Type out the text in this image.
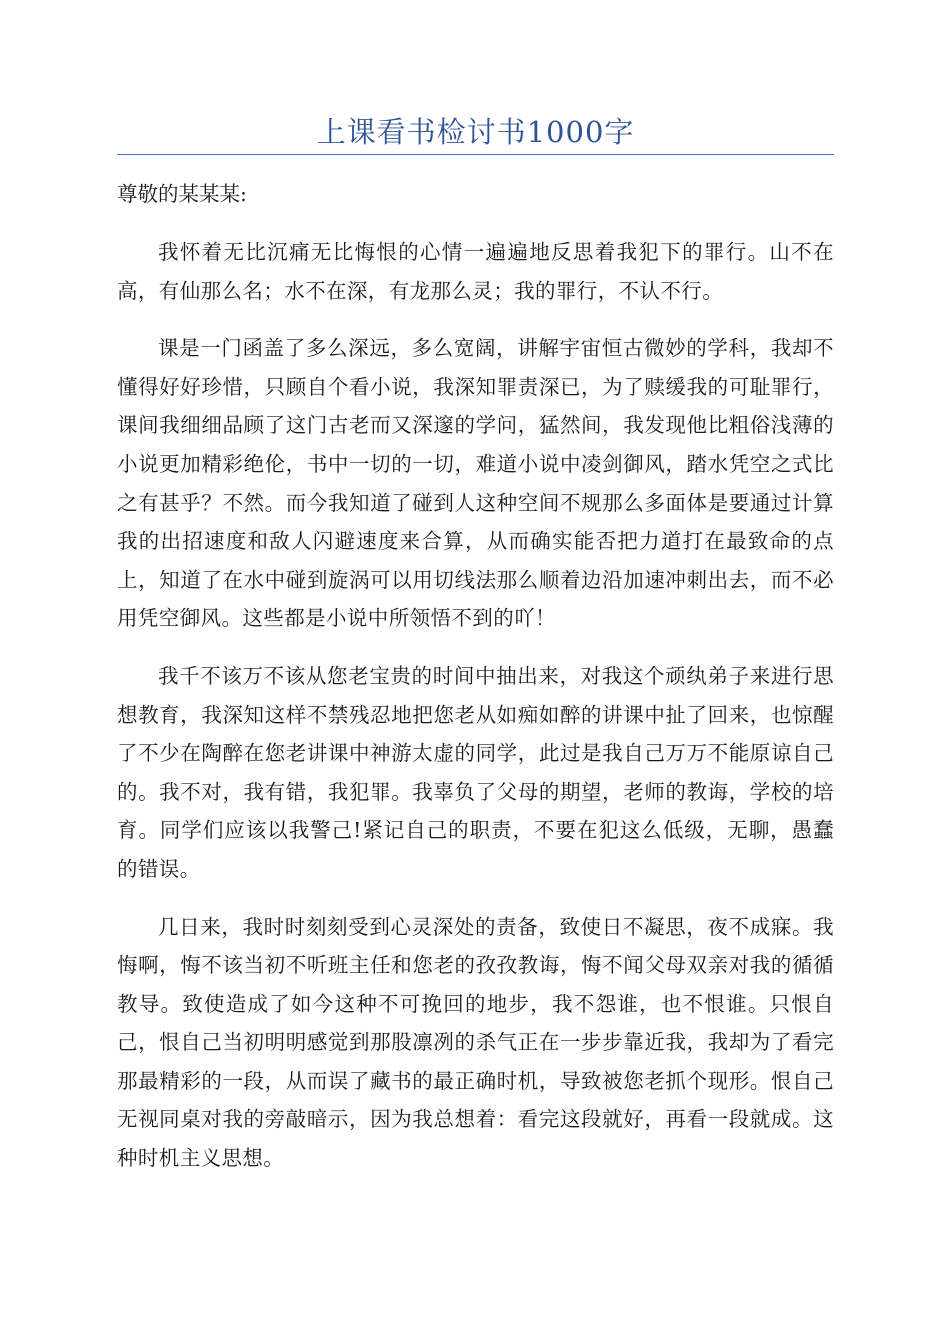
上课看书检讨书1000字

尊敬的某某某:

我怀着无比沉痛无比悔恨的心情一遍遍地反思着我犯下的罪行。山不在高，有仙那么名；水不在深，有龙那么灵；我的罪行，不认不行。

课是一门函盖了多么深远，多么宽阔，讲解宇宙恒古微妙的学科，我却不懂得好好珍惜，只顾自个看小说，我深知罪责深已，为了赎缓我的可耻罪行，课间我细细品顾了这门古老而又深邃的学问，猛然间，我发现他比粗俗浅薄的小说更加精彩绝伦，书中一切的一切，难道小说中凌剑御风，踏水凭空之式比之有甚乎？不然。而今我知道了碰到人这种空间不规那么多面体是要通过计算我的出招速度和敌人闪避速度来合算，从而确实能否把力道打在最致命的点上，知道了在水中碰到旋涡可以用切线法那么顺着边沿加速冲刺出去，而不必用凭空御风。这些都是小说中所领悟不到的吖！

我千不该万不该从您老宝贵的时间中抽出来，对我这个顽纨弟子来进行思想教育，我深知这样不禁残忍地把您老从如痴如醉的讲课中扯了回来，也惊醒了不少在陶醉在您老讲课中神游太虚的同学，此过是我自己万万不能原谅自己的。我不对，我有错，我犯罪。我辜负了父母的期望，老师的教诲，学校的培育。同学们应该以我警己!紧记自己的职责，不要在犯这么低级，无聊，愚蠢的错误。

几日来，我时时刻刻受到心灵深处的责备，致使日不凝思，夜不成寐。我悔啊，悔不该当初不听班主任和您老的孜孜教诲，悔不闻父母双亲对我的循循教导。致使造成了如今这种不可挽回的地步，我不怨谁，也不恨谁。只恨自己，恨自己当初明明感觉到那股凛冽的杀气正在一步步靠近我，我却为了看完那最精彩的一段，从而误了藏书的最正确时机，导致被您老抓个现形。恨自己无视同桌对我的旁敲暗示，因为我总想着：看完这段就好，再看一段就成。这种时机主义思想。
